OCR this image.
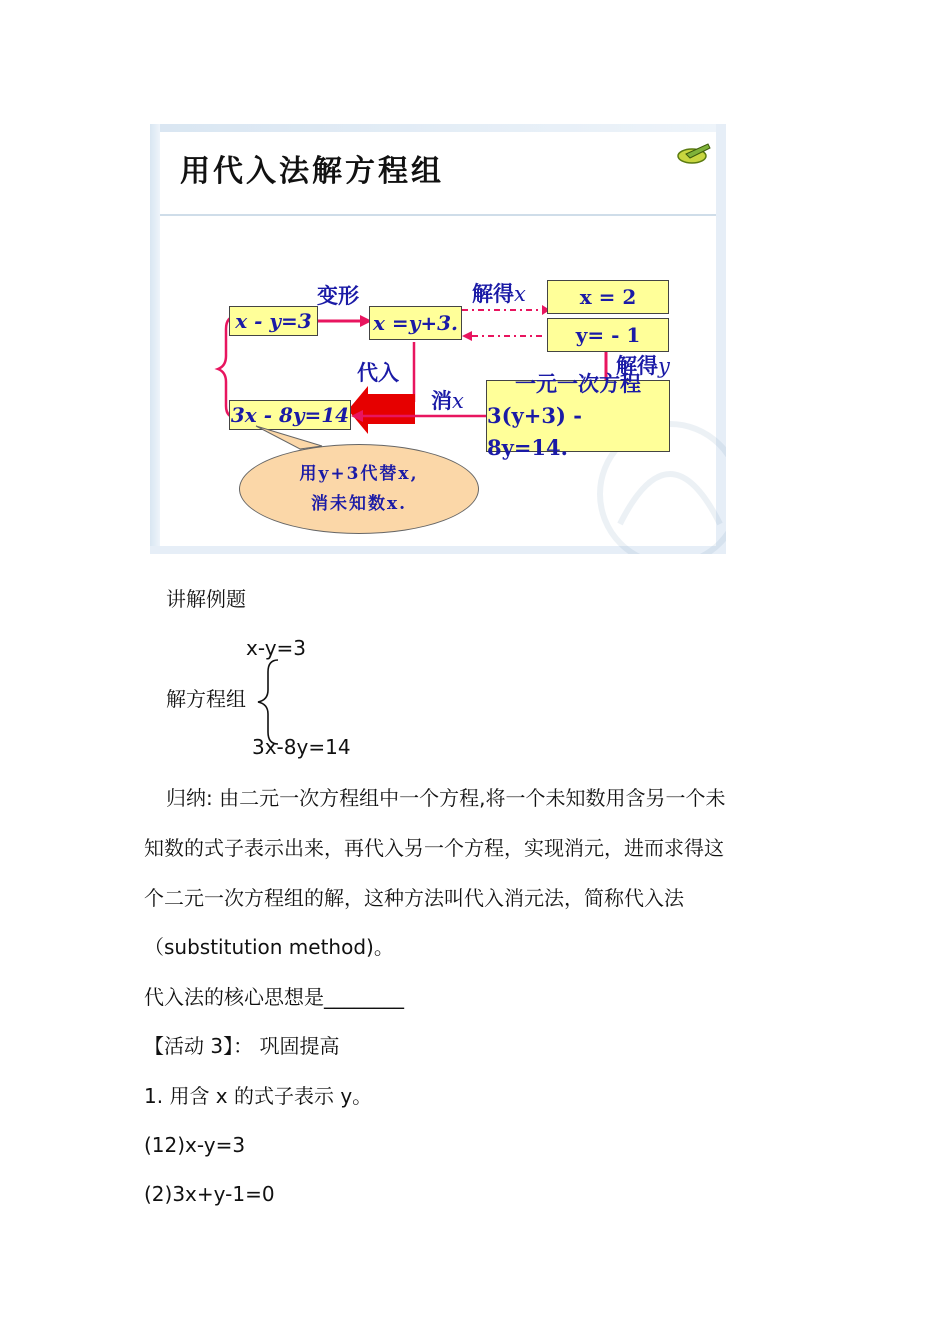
用代入法解方程组
x - y=3	x =y+3.
3x - 8y=14
x = 2
y= - 1
一元一次方程
3(y+3) - 8y=14.
变形	解得x
代入
消x
解得y
用y+3代替x,
消未知数x.
讲解例题
x-y=3
解方程组
3x-8y=14
归纳: 由二元一次方程组中一个方程,将一个未知数用含另一个未
知数的式子表示出来，再代入另一个方程，实现消元，进而求得这
个二元一次方程组的解，这种方法叫代入消元法，简称代入法
（substitution method)。
代入法的核心思想是________
【活动 3】： 巩固提高
1. 用含 x 的式子表示 y。
(12)x-y=3
(2)3x+y-1=0
